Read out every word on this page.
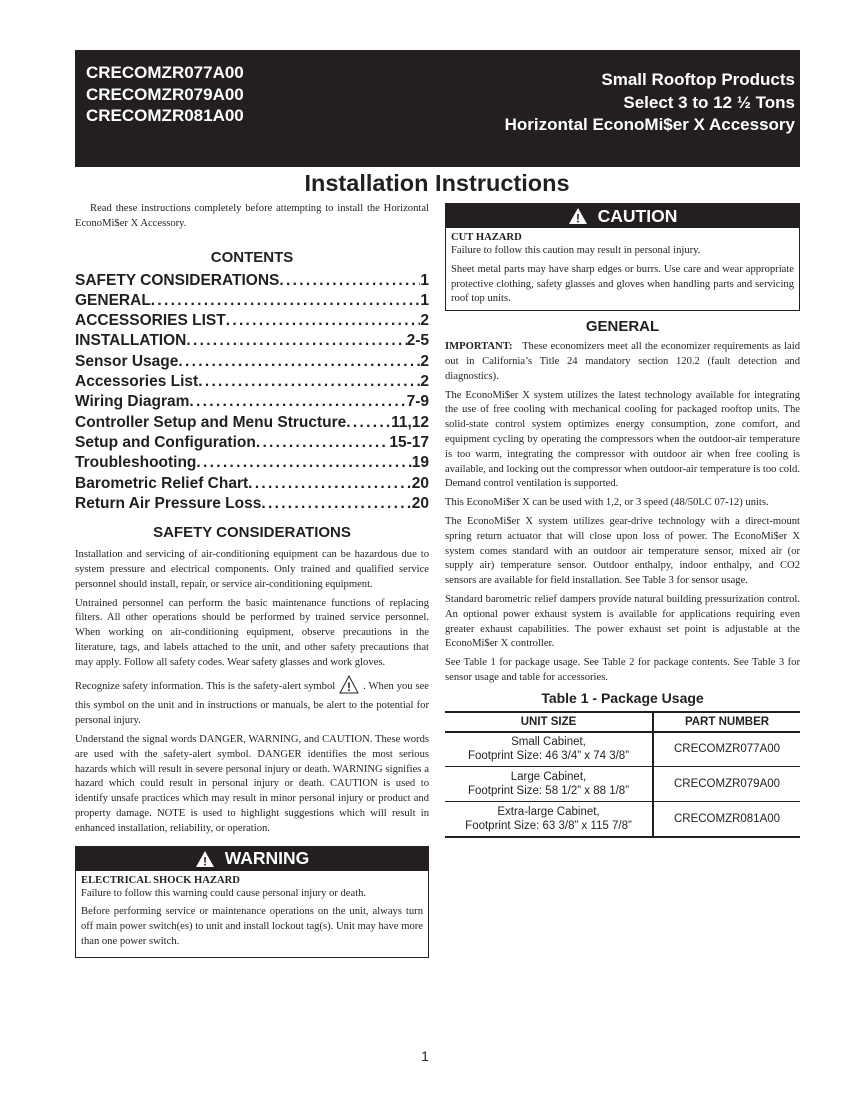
CRECOMZR077A00
CRECOMZR079A00
CRECOMZR081A00
Small Rooftop Products
Select 3 to 12 ½ Tons
Horizontal EconoMi$er X Accessory
Installation Instructions

Read these instructions completely before attempting to install the Horizontal EconoMi$er X Accessory.

CONTENTS
SAFETY CONSIDERATIONS . . .	1
GENERAL . . .	1
ACCESSORIES LIST . . .	2
INSTALLATION . . .	2-5
Sensor Usage . . .	2
Accessories List . . .	2
Wiring Diagram . . .	7-9
Controller Setup and Menu Structure . . .	11,12
Setup and Configuration . . .	15-17
Troubleshooting . . .	19
Barometric Relief Chart . . .	20
Return Air Pressure Loss . . .	20
SAFETY CONSIDERATIONS

Installation and servicing of air-conditioning equipment can be hazardous due to system pressure and electrical components. Only trained and qualified service personnel should install, repair, or service air-conditioning equipment.

Untrained personnel can perform the basic maintenance functions of replacing filters. All other operations should be performed by trained service personnel. When working on air-conditioning equipment, observe precautions in the literature, tags, and labels attached to the unit, and other safety precautions that may apply. Follow all safety codes. Wear safety glasses and work gloves.

Recognize safety information. This is the safety-alert symbol ! . When you see this symbol on the unit and in instructions or manuals, be alert to the potential for personal injury.

Understand the signal words DANGER, WARNING, and CAUTION. These words are used with the safety-alert symbol. DANGER identifies the most serious hazards which will result in severe personal injury or death. WARNING signifies a hazard which could result in personal injury or death. CAUTION is used to identify unsafe practices which may result in minor personal injury or product and property damage. NOTE is used to highlight suggestions which will result in enhanced installation, reliability, or operation.

! WARNING
ELECTRICAL SHOCK HAZARD

Failure to follow this warning could cause personal injury or death.

Before performing service or maintenance operations on the unit, always turn off main power switch(es) to unit and install lockout tag(s). Unit may have more than one power switch.

! CAUTION
CUT HAZARD

Failure to follow this caution may result in personal injury.

Sheet metal parts may have sharp edges or burrs. Use care and wear appropriate protective clothing, safety glasses and gloves when handling parts and servicing roof top units.

GENERAL

IMPORTANT: These economizers meet all the economizer requirements as laid out in California’s Title 24 mandatory section 120.2 (fault detection and diagnostics).

The EconoMi$er X system utilizes the latest technology available for integrating the use of free cooling with mechanical cooling for packaged rooftop units. The solid-state control system optimizes energy consumption, zone comfort, and equipment cycling by operating the compressors when the outdoor-air temperature is too warm, integrating the compressor with outdoor air when free cooling is available, and locking out the compressor when outdoor-air temperature is too cold. Demand control ventilation is supported.

This EconoMi$er X can be used with 1,2, or 3 speed (48/50LC 07-12) units.

The EconoMi$er X system utilizes gear-drive technology with a direct-mount spring return actuator that will close upon loss of power. The EconoMi$er X system comes standard with an outdoor air temperature sensor, mixed air (or supply air) temperature sensor. Outdoor enthalpy, indoor enthalpy, and CO2 sensors are available for field installation. See Table 3 for sensor usage.

Standard barometric relief dampers provide natural building pressurization control. An optional power exhaust system is available for applications requiring even greater exhaust capabilities. The power exhaust set point is adjustable at the EconoMi$er X controller.

See Table 1 for package usage. See Table 2 for package contents. See Table 3 for sensor usage and table for accessories.

Table 1 - Package Usage
UNIT SIZE	PART NUMBER

Small Cabinet,
Footprint Size: 46 3/4” x 74 3/8”	CRECOMZR077A00

Large Cabinet,
Footprint Size: 58 1/2” x 88 1/8”	CRECOMZR079A00

Extra-large Cabinet,
Footprint Size: 63 3/8” x 115 7/8”	CRECOMZR081A00
1
